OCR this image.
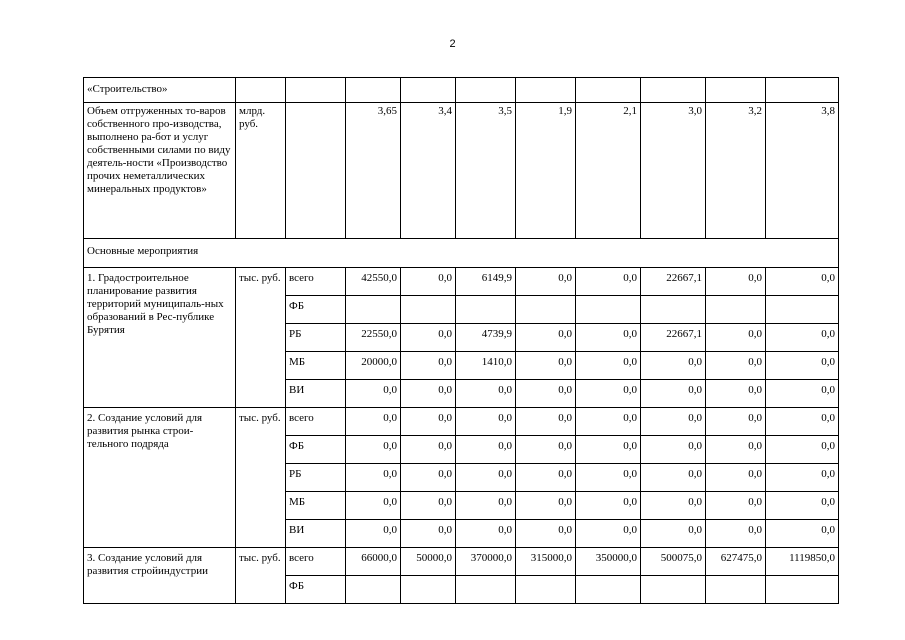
2
«Строительство»										
Объем отгруженных то-варов собственного про-изводства, выполнено ра-бот и услуг собственными силами по виду деятель-ности «Производство прочих неметаллических минеральных продуктов»	млрд. руб.		3,65	3,4	3,5	1,9	2,1	3,0	3,2	3,8
Основные мероприятия										
1. Градостроительное планирование развития территорий муниципаль-ных образований в Рес-публике Бурятия	тыс. руб.	всего	42550,0	0,0	6149,9	0,0	0,0	22667,1	0,0	0,0
		ФБ								
		РБ	22550,0	0,0	4739,9	0,0	0,0	22667,1	0,0	0,0
		МБ	20000,0	0,0	1410,0	0,0	0,0	0,0	0,0	0,0
		ВИ	0,0	0,0	0,0	0,0	0,0	0,0	0,0	0,0
2. Создание условий для развития рынка строи-тельного подряда	тыс. руб.	всего	0,0	0,0	0,0	0,0	0,0	0,0	0,0	0,0
		ФБ	0,0	0,0	0,0	0,0	0,0	0,0	0,0	0,0
		РБ	0,0	0,0	0,0	0,0	0,0	0,0	0,0	0,0
		МБ	0,0	0,0	0,0	0,0	0,0	0,0	0,0	0,0
		ВИ	0,0	0,0	0,0	0,0	0,0	0,0	0,0	0,0
3. Создание условий для развития стройиндустрии	тыс. руб.	всего	66000,0	50000,0	370000,0	315000,0	350000,0	500075,0	627475,0	1119850,0
		ФБ								
